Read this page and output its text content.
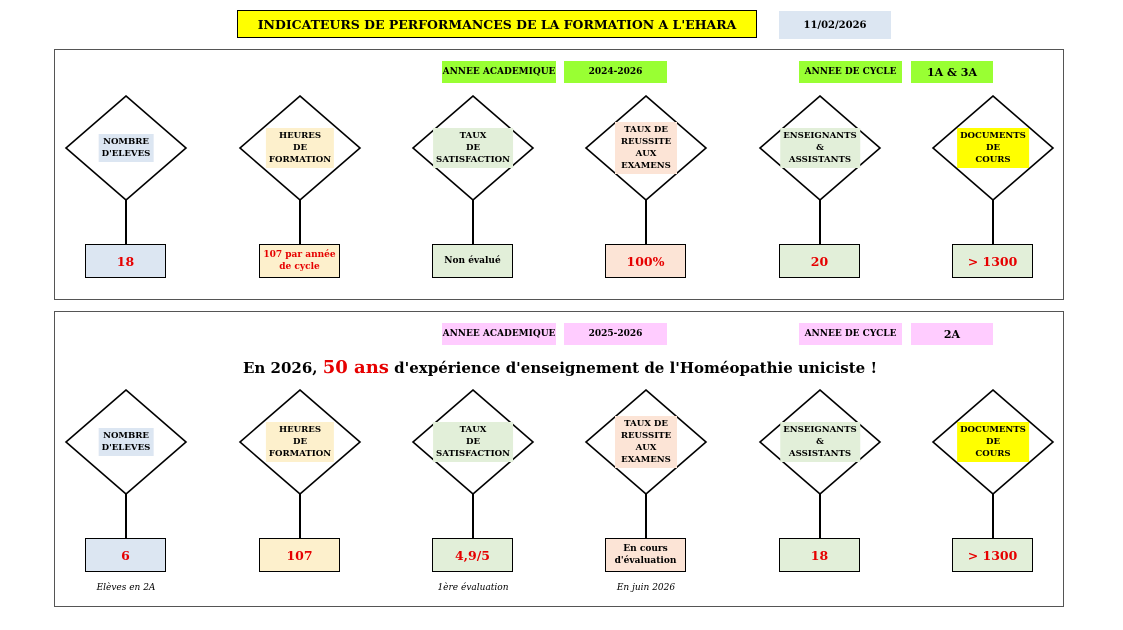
INDICATEURS DE PERFORMANCES DE LA FORMATION A L'EHARA	11/02/2026
ANNEE ACADEMIQUE	2024-2026	ANNEE DE CYCLE	1A & 3A
NOMBRE
D'ELEVES
18
HEURES
DE
FORMATION
107 par année
de cycle
TAUX
DE
SATISFACTION
Non évalué
TAUX DE
REUSSITE AUX
EXAMENS
100%
ENSEIGNANTS
&
ASSISTANTS
20
DOCUMENTS
DE
COURS
> 1300
ANNEE ACADEMIQUE	2025-2026	ANNEE DE CYCLE	2A
En 2026, 50 ans d'expérience d'enseignement de l'Homéopathie uniciste !
NOMBRE
D'ELEVES
6
Elèves en 2A
HEURES
DE
FORMATION
107
TAUX
DE
SATISFACTION
4,9/5
1ère évaluation
TAUX DE
REUSSITE AUX
EXAMENS
En cours
d'évaluation
En juin 2026
ENSEIGNANTS
&
ASSISTANTS
18
DOCUMENTS
DE
COURS
> 1300
